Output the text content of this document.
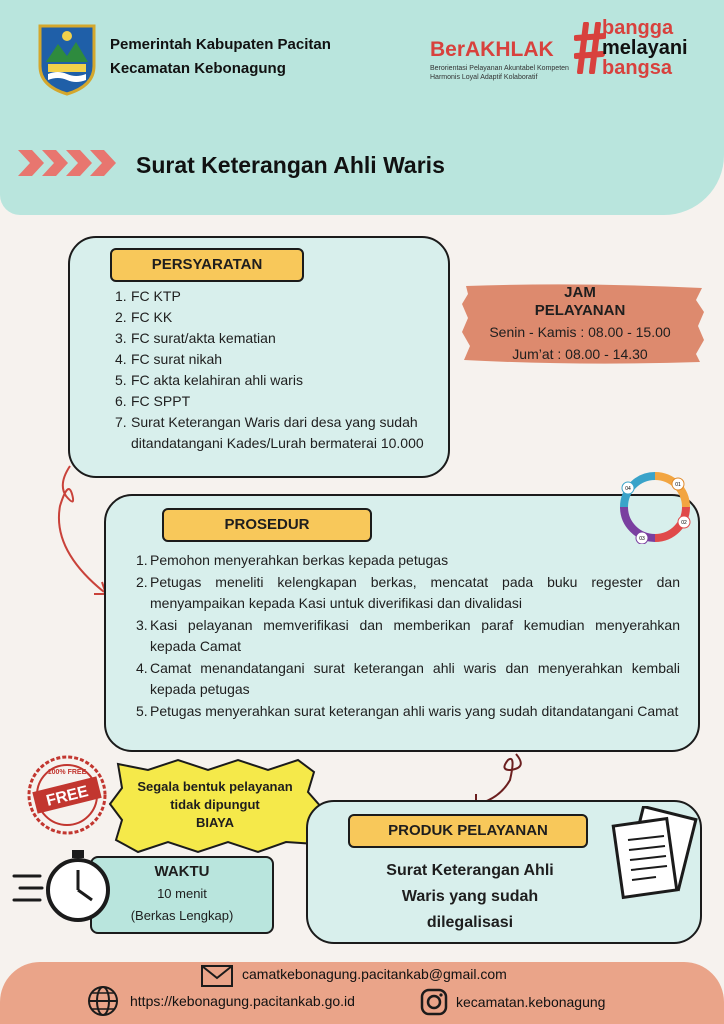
Pemerintah Kabupaten Pacitan
Kecamatan Kebonagung
BerAKHLAK
Berorientasi Pelayanan Akuntabel Kompeten
Harmonis Loyal Adaptif Kolaboratif
bangga
melayani
bangsa
Surat Keterangan Ahli Waris
PERSYARATAN
1. FC KTP
2. FC KK
3. FC surat/akta kematian
4. FC surat nikah
5. FC akta kelahiran ahli waris
6. FC SPPT
7. Surat Keterangan Waris dari desa yang sudah ditandatangani Kades/Lurah bermaterai 10.000
JAM
PELAYANAN
Senin - Kamis : 08.00 - 15.00
Jum’at : 08.00 - 14.30
PROSEDUR
01
02
03
04
1. Pemohon menyerahkan berkas kepada petugas
2. Petugas meneliti kelengkapan berkas, mencatat pada buku regester dan menyampaikan kepada Kasi untuk diverifikasi dan divalidasi
3. Kasi pelayanan memverifikasi dan memberikan paraf kemudian menyerahkan kepada Camat
4. Camat menandatangani surat keterangan ahli waris dan menyerahkan kembali kepada petugas
5. Petugas menyerahkan surat keterangan ahli waris yang sudah ditandatangani Camat
FREE
100% FREE
Segala bentuk pelayanan
tidak dipungut
BIAYA
WAKTU
10 menit
(Berkas Lengkap)
PRODUK PELAYANAN
Surat Keterangan Ahli
Waris yang sudah
dilegalisasi
camatkebonagung.pacitankab@gmail.com
https://kebonagung.pacitankab.go.id	kecamatan.kebonagung
